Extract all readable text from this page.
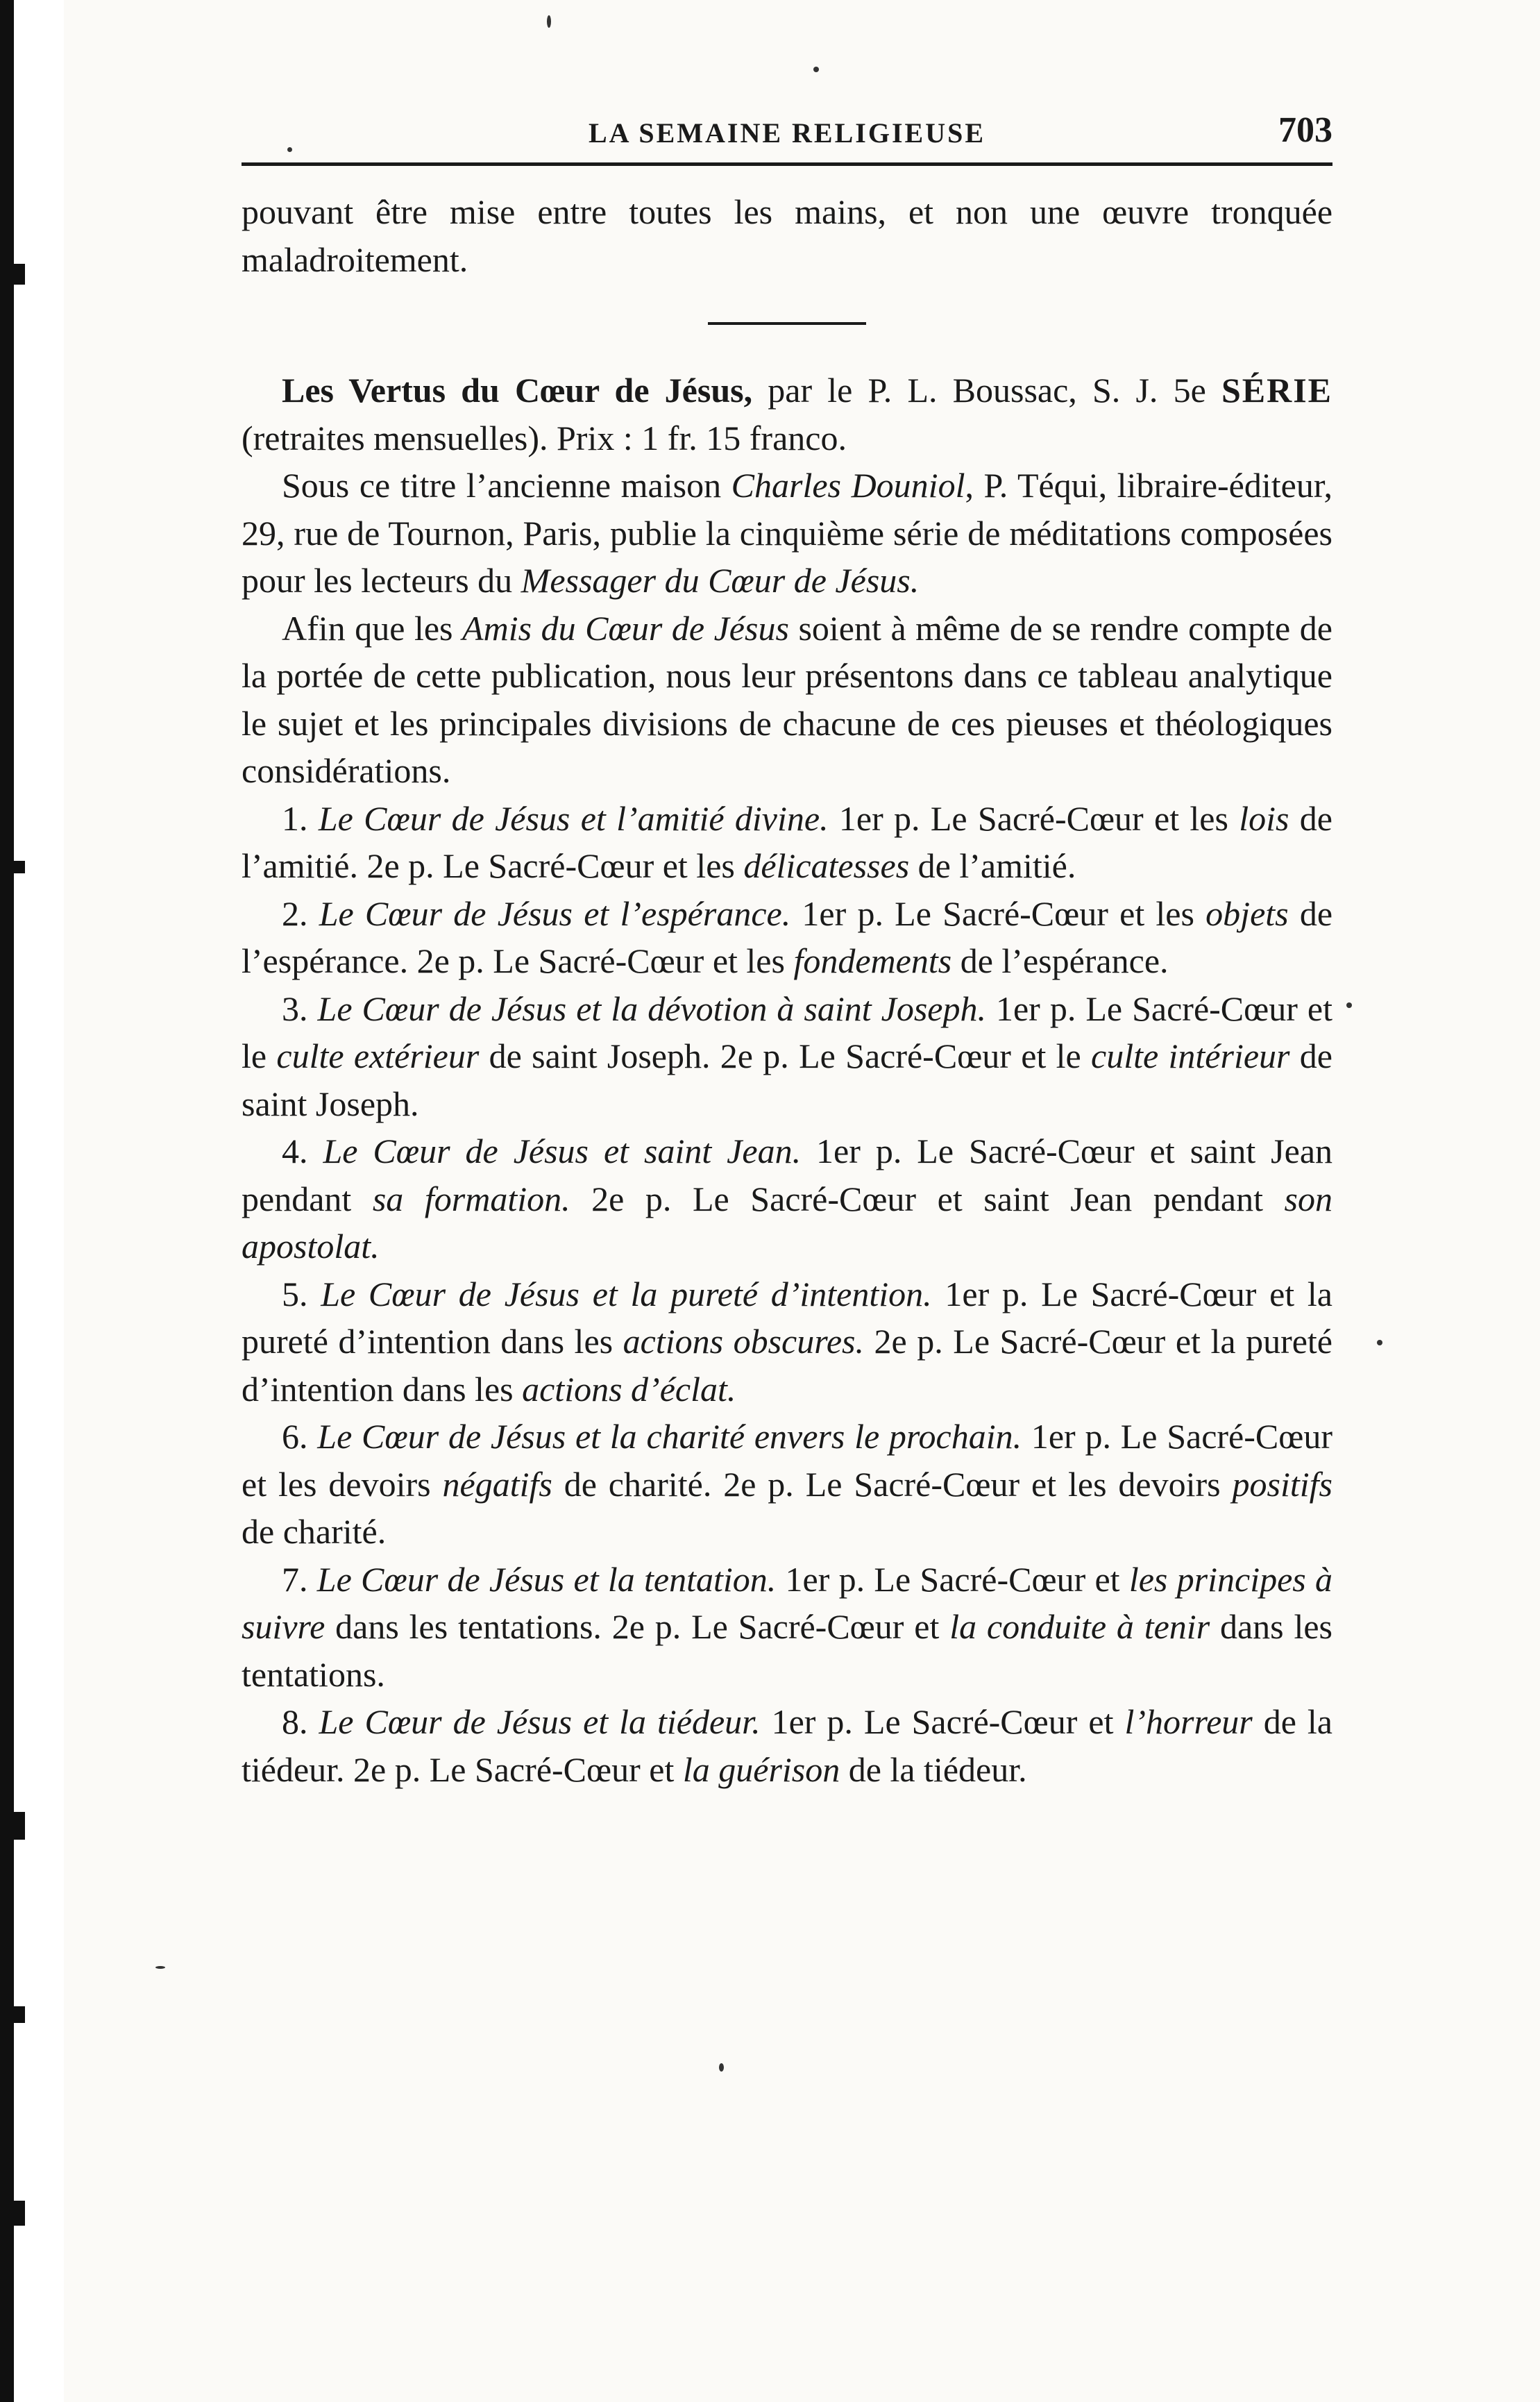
LA SEMAINE RELIGIEUSE	703

pouvant être mise entre toutes les mains, et non une œuvre tronquée maladroitement.

Les Vertus du Cœur de Jésus, par le P. L. Boussac, S. J. 5e SÉRIE (retraites mensuelles). Prix : 1 fr. 15 franco.

Sous ce titre l’ancienne maison Charles Douniol, P. Téqui, libraire-éditeur, 29, rue de Tournon, Paris, publie la cinquième série de méditations composées pour les lecteurs du Messager du Cœur de Jésus.

Afin que les Amis du Cœur de Jésus soient à même de se rendre compte de la portée de cette publication, nous leur présentons dans ce tableau analytique le sujet et les principales divisions de chacune de ces pieuses et théologiques considérations.

1. Le Cœur de Jésus et l’amitié divine. 1er p. Le Sacré-Cœur et les lois de l’amitié. 2e p. Le Sacré-Cœur et les délicatesses de l’amitié.

2. Le Cœur de Jésus et l’espérance. 1er p. Le Sacré-Cœur et les objets de l’espérance. 2e p. Le Sacré-Cœur et les fondements de l’espérance.

3. Le Cœur de Jésus et la dévotion à saint Joseph. 1er p. Le Sacré-Cœur et le culte extérieur de saint Joseph. 2e p. Le Sacré-Cœur et le culte intérieur de saint Joseph.

4. Le Cœur de Jésus et saint Jean. 1er p. Le Sacré-Cœur et saint Jean pendant sa formation. 2e p. Le Sacré-Cœur et saint Jean pendant son apostolat.

5. Le Cœur de Jésus et la pureté d’intention. 1er p. Le Sacré-Cœur et la pureté d’intention dans les actions obscures. 2e p. Le Sacré-Cœur et la pureté d’intention dans les actions d’éclat.

6. Le Cœur de Jésus et la charité envers le prochain. 1er p. Le Sacré-Cœur et les devoirs négatifs de charité. 2e p. Le Sacré-Cœur et les devoirs positifs de charité.

7. Le Cœur de Jésus et la tentation. 1er p. Le Sacré-Cœur et les principes à suivre dans les tentations. 2e p. Le Sacré-Cœur et la conduite à tenir dans les tentations.

8. Le Cœur de Jésus et la tiédeur. 1er p. Le Sacré-Cœur et l’horreur de la tiédeur. 2e p. Le Sacré-Cœur et la guérison de la tiédeur.
